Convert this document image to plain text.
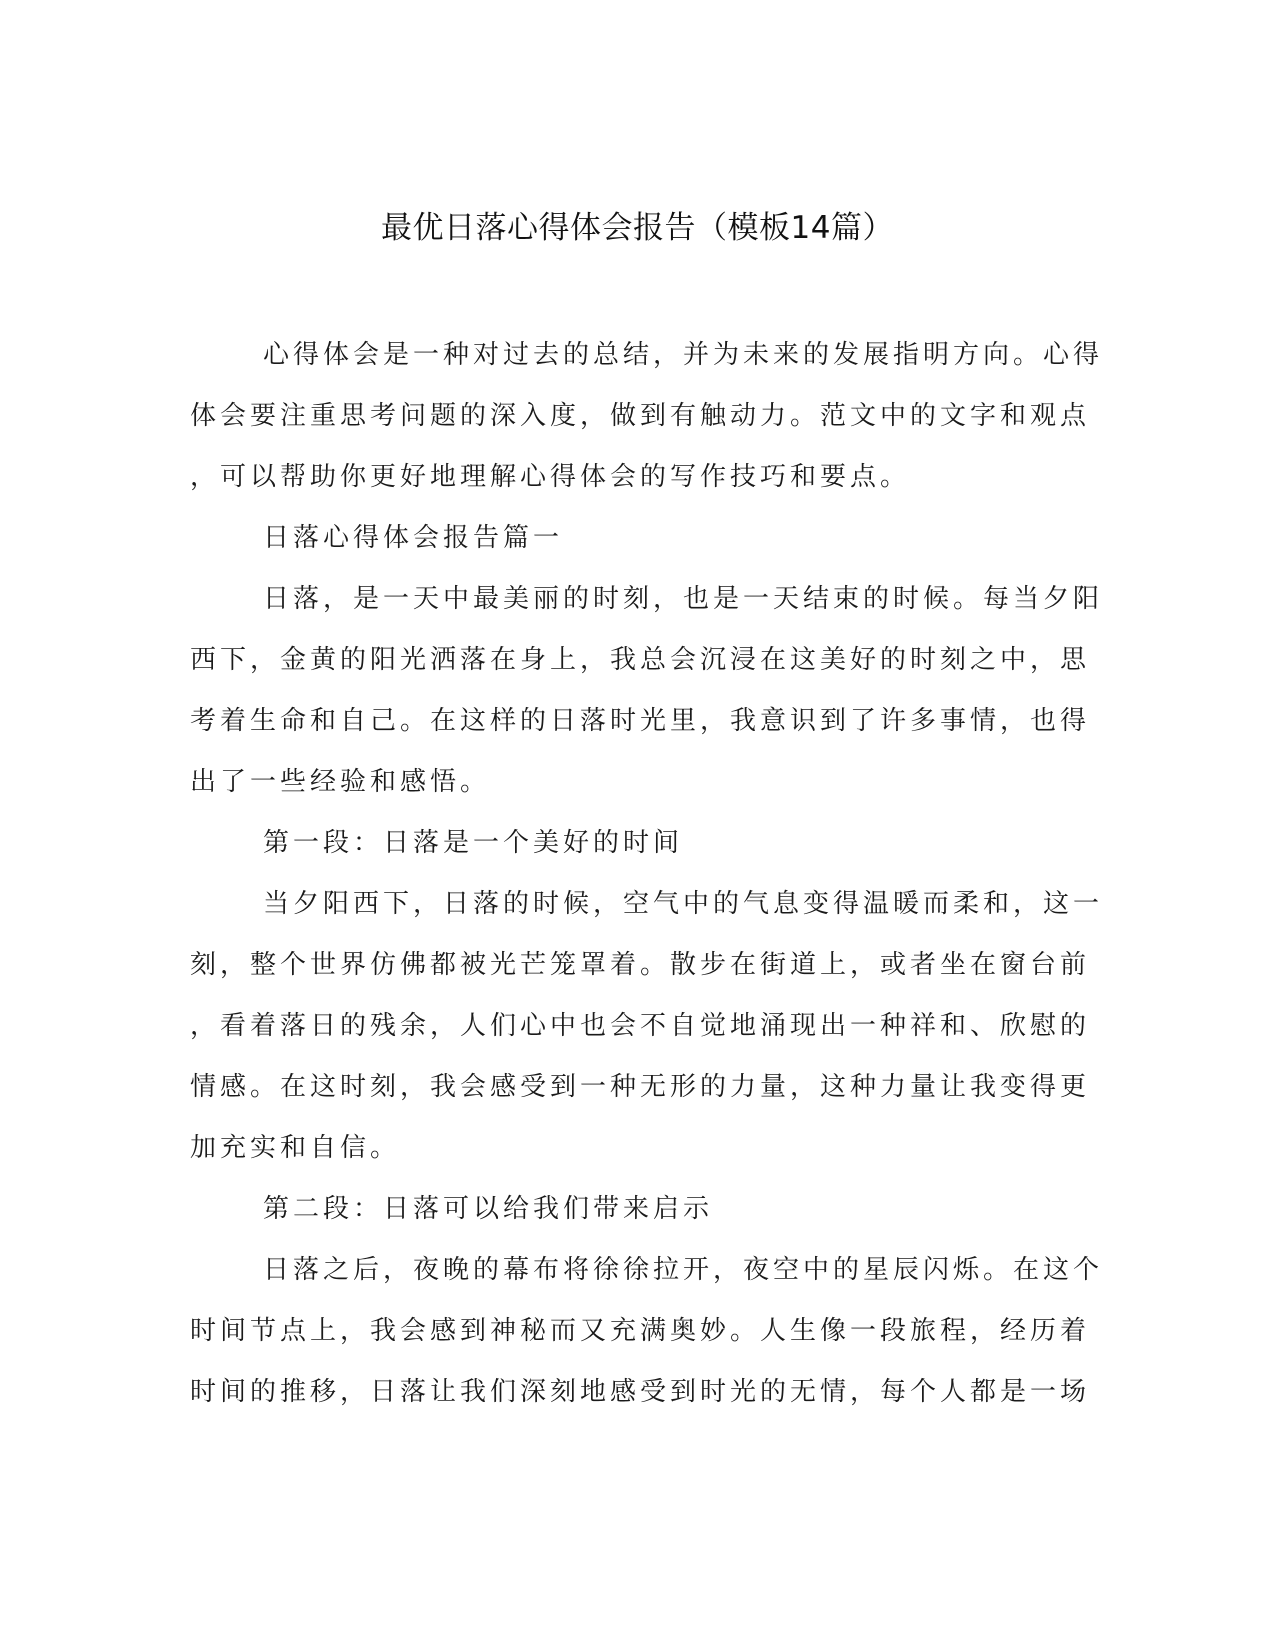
最优日落心得体会报告（模板14篇）
心得体会是一种对过去的总结，并为未来的发展指明方向。心得
体会要注重思考问题的深入度，做到有触动力。范文中的文字和观点
，可以帮助你更好地理解心得体会的写作技巧和要点。
日落心得体会报告篇一
日落，是一天中最美丽的时刻，也是一天结束的时候。每当夕阳
西下，金黄的阳光洒落在身上，我总会沉浸在这美好的时刻之中，思
考着生命和自己。在这样的日落时光里，我意识到了许多事情，也得
出了一些经验和感悟。
第一段：日落是一个美好的时间
当夕阳西下，日落的时候，空气中的气息变得温暖而柔和，这一
刻，整个世界仿佛都被光芒笼罩着。散步在街道上，或者坐在窗台前
，看着落日的残余，人们心中也会不自觉地涌现出一种祥和、欣慰的
情感。在这时刻，我会感受到一种无形的力量，这种力量让我变得更
加充实和自信。
第二段：日落可以给我们带来启示
日落之后，夜晚的幕布将徐徐拉开，夜空中的星辰闪烁。在这个
时间节点上，我会感到神秘而又充满奥妙。人生像一段旅程，经历着
时间的推移，日落让我们深刻地感受到时光的无情，每个人都是一场
